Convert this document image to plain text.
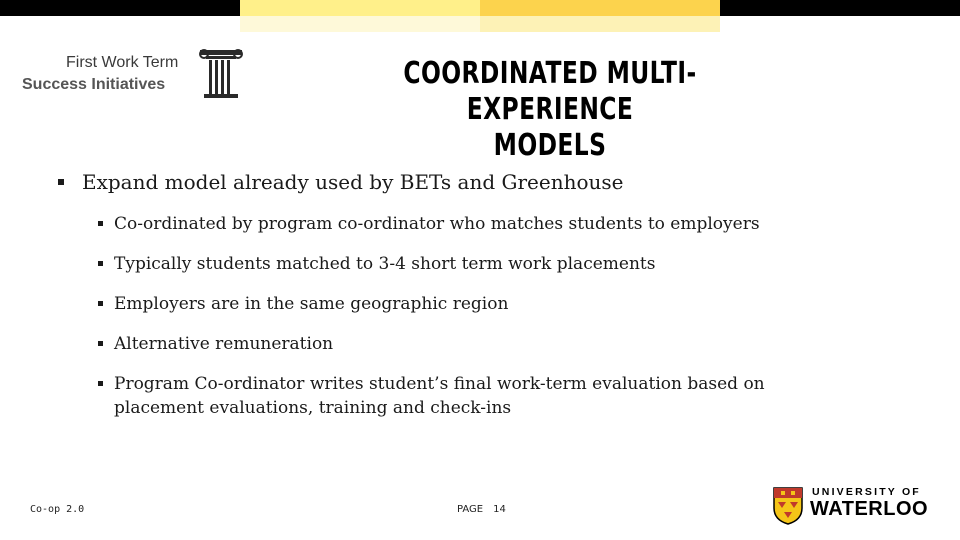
First Work Term
Success Initiatives	COORDINATED MULTI-EXPERIENCE
MODELS
Expand model already used by BETs and Greenhouse
Co-ordinated by program co-ordinator who matches students to employers
Typically students matched to 3-4 short term work placements
Employers are in the same geographic region
Alternative remuneration
Program Co-ordinator writes student’s final work-term evaluation based on placement evaluations, training and check-ins
Co-op 2.0	PAGE 14
UNIVERSITY OF
WATERLOO
